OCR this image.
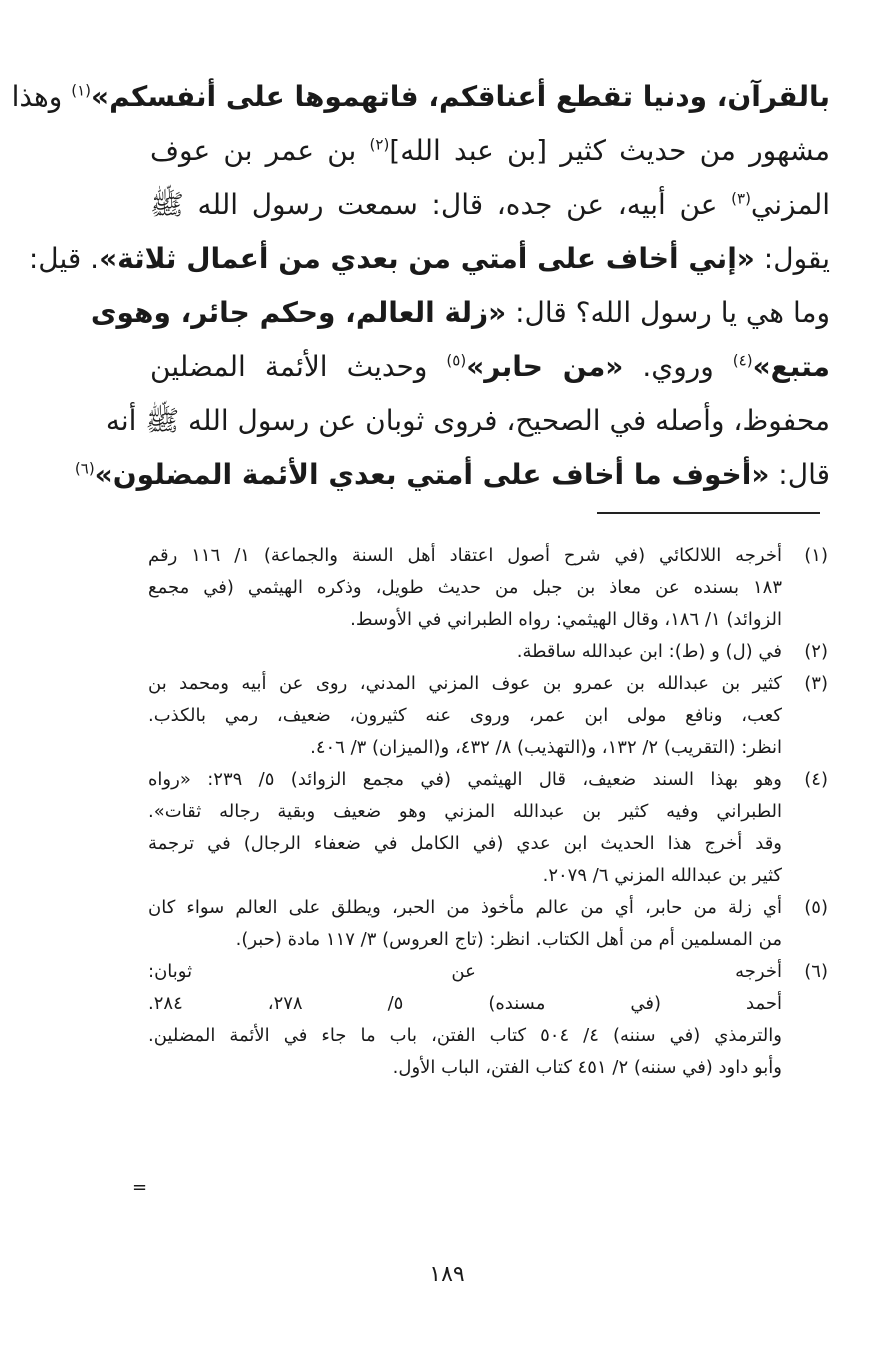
بالقرآن، ودنيا تقطع أعناقكم، فاتهموها على أنفسكم»$^{(١)}$ وهذا
مشهور من حديث كثير [بن عبد الله]$^{(٢)}$ بن عمر بن عوف
المزني$^{(٣)}$ عن أبيه، عن جده، قال: سمعت رسول الله ﷺ
يقول: «إني أخاف على أمتي من بعدي من أعمال ثلاثة». قيل:
وما هي يا رسول الله؟ قال: «زلة العالم، وحكم جائر، وهوى
متبع»$^{(٤)}$ وروي. «من حابر»$^{(٥)}$ وحديث الأئمة المضلين
محفوظ، وأصله في الصحيح، فروى ثوبان عن رسول الله ﷺ أنه
قال: «أخوف ما أخاف على أمتي بعدي الأئمة المضلون»$^{(٦)}$
(١)
أخرجه اللالكائي (في شرح أصول اعتقاد أهل السنة والجماعة) ١/ ١١٦ رقم
١٨٣ بسنده عن معاذ بن جبل من حديث طويل، وذكره الهيثمي (في مجمع
الزوائد) ١/ ١٨٦، وقال الهيثمي: رواه الطبراني في الأوسط.
(٢)
في (ل) و (ط): ابن عبدالله ساقطة.
(٣)
كثير بن عبدالله بن عمرو بن عوف المزني المدني، روى عن أبيه ومحمد بن
كعب، ونافع مولى ابن عمر، وروى عنه كثيرون، ضعيف، رمي بالكذب.
انظر: (التقريب) ٢/ ١٣٢، و(التهذيب) ٨/ ٤٣٢، و(الميزان) ٣/ ٤٠٦.
(٤)
وهو بهذا السند ضعيف، قال الهيثمي (في مجمع الزوائد) ٥/ ٢٣٩: «رواه
الطبراني وفيه كثير بن عبدالله المزني وهو ضعيف وبقية رجاله ثقات».
وقد أخرج هذا الحديث ابن عدي (في الكامل في ضعفاء الرجال) في ترجمة
كثير بن عبدالله المزني ٦/ ٢٠٧٩.
(٥)
أي زلة من حابر، أي من عالم مأخوذ من الحبر، ويطلق على العالم سواء كان
من المسلمين أم من أهل الكتاب. انظر: (تاج العروس) ٣/ ١١٧ مادة (حبر).
(٦)
أخرجه عن ثوبان:
أحمد (في مسنده) ٥/ ٢٧٨، ٢٨٤.
والترمذي (في سننه) ٤/ ٥٠٤ كتاب الفتن، باب ما جاء في الأئمة المضلين.
وأبو داود (في سننه) ٢/ ٤٥١ كتاب الفتن، الباب الأول.
=
١٨٩
